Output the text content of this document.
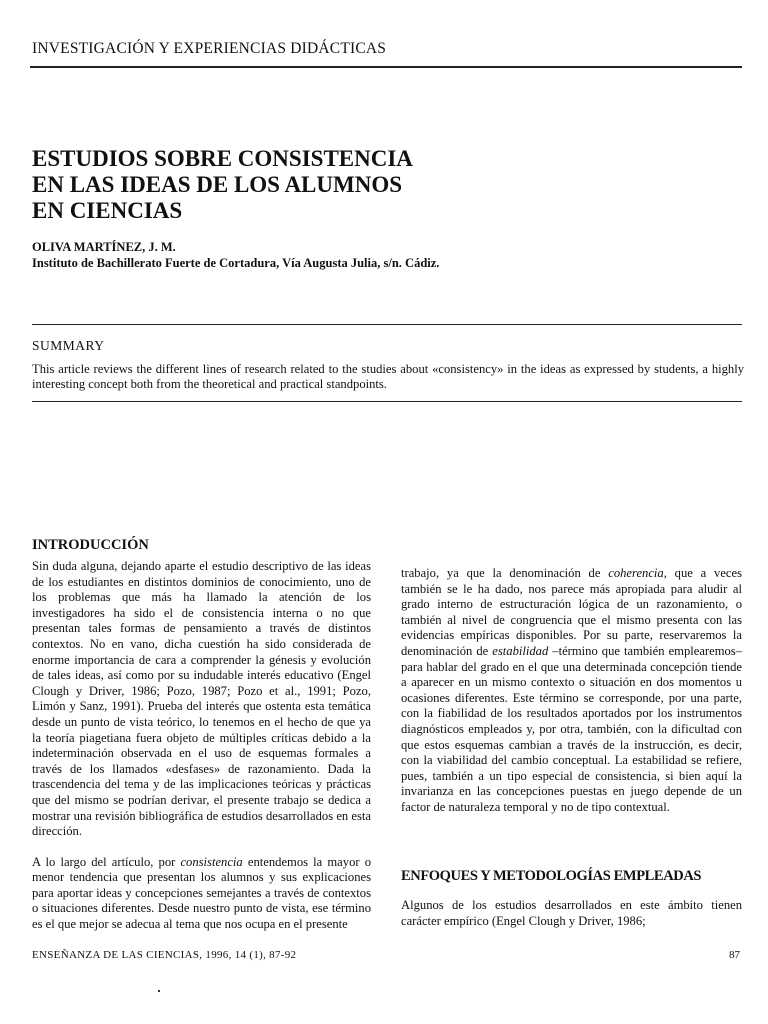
INVESTIGACIÓN Y EXPERIENCIAS DIDÁCTICAS
ESTUDIOS SOBRE CONSISTENCIA
EN LAS IDEAS DE LOS ALUMNOS
EN CIENCIAS
OLIVA MARTÍNEZ, J. M.
Instituto de Bachillerato Fuerte de Cortadura, Vía Augusta Julia, s/n. Cádiz.
SUMMARY
This article reviews the different lines of research related to the studies about «consistency» in the ideas as expressed by students, a highly interesting concept both from the theoretical and practical standpoints.
INTRODUCCIÓN

Sin duda alguna, dejando aparte el estudio descriptivo de las ideas de los estudiantes en distintos dominios de conocimiento, uno de los problemas que más ha llamado la atención de los investigadores ha sido el de consistencia interna o no que presentan tales formas de pensamiento a través de distintos contextos. No en vano, dicha cuestión ha sido considerada de enorme importancia de cara a comprender la génesis y evolución de tales ideas, así como por su indudable interés educativo (Engel Clough y Driver, 1986; Pozo, 1987; Pozo et al., 1991; Pozo, Limón y Sanz, 1991). Prueba del interés que ostenta esta temática desde un punto de vista teórico, lo tenemos en el hecho de que ya la teoría piagetiana fuera objeto de múltiples críticas debido a la indeterminación observada en el uso de esquemas formales a través de los llamados «desfases» de razonamiento. Dada la trascendencia del tema y de las implicaciones teóricas y prácticas que del mismo se podrían derivar, el presente trabajo se dedica a mostrar una revisión bibliográfica de estudios desarrollados en esta dirección.

A lo largo del artículo, por consistencia entendemos la mayor o menor tendencia que presentan los alumnos y sus explicaciones para aportar ideas y concepciones semejantes a través de contextos o situaciones diferentes. Desde nuestro punto de vista, ese término es el que mejor se adecua al tema que nos ocupa en el presente

trabajo, ya que la denominación de coherencia, que a veces también se le ha dado, nos parece más apropiada para aludir al grado interno de estructuración lógica de un razonamiento, o también al nivel de congruencia que el mismo presenta con las evidencias empíricas disponibles. Por su parte, reservaremos la denominación de estabilidad –término que también emplearemos– para hablar del grado en el que una determinada concepción tiende a aparecer en un mismo contexto o situación en dos momentos u ocasiones diferentes. Este término se corresponde, por una parte, con la fiabilidad de los resultados aportados por los instrumentos diagnósticos empleados y, por otra, también, con la dificultad con que estos esquemas cambian a través de la instrucción, es decir, con la viabilidad del cambio conceptual. La estabilidad se refiere, pues, también a un tipo especial de consistencia, si bien aquí la invarianza en las concepciones puestas en juego depende de un factor de naturaleza temporal y no de tipo contextual.

ENFOQUES Y METODOLOGÍAS EMPLEADAS

Algunos de los estudios desarrollados en este ámbito tienen carácter empírico (Engel Clough y Driver, 1986;

ENSEÑANZA DE LAS CIENCIAS, 1996, 14 (1), 87-92	87
